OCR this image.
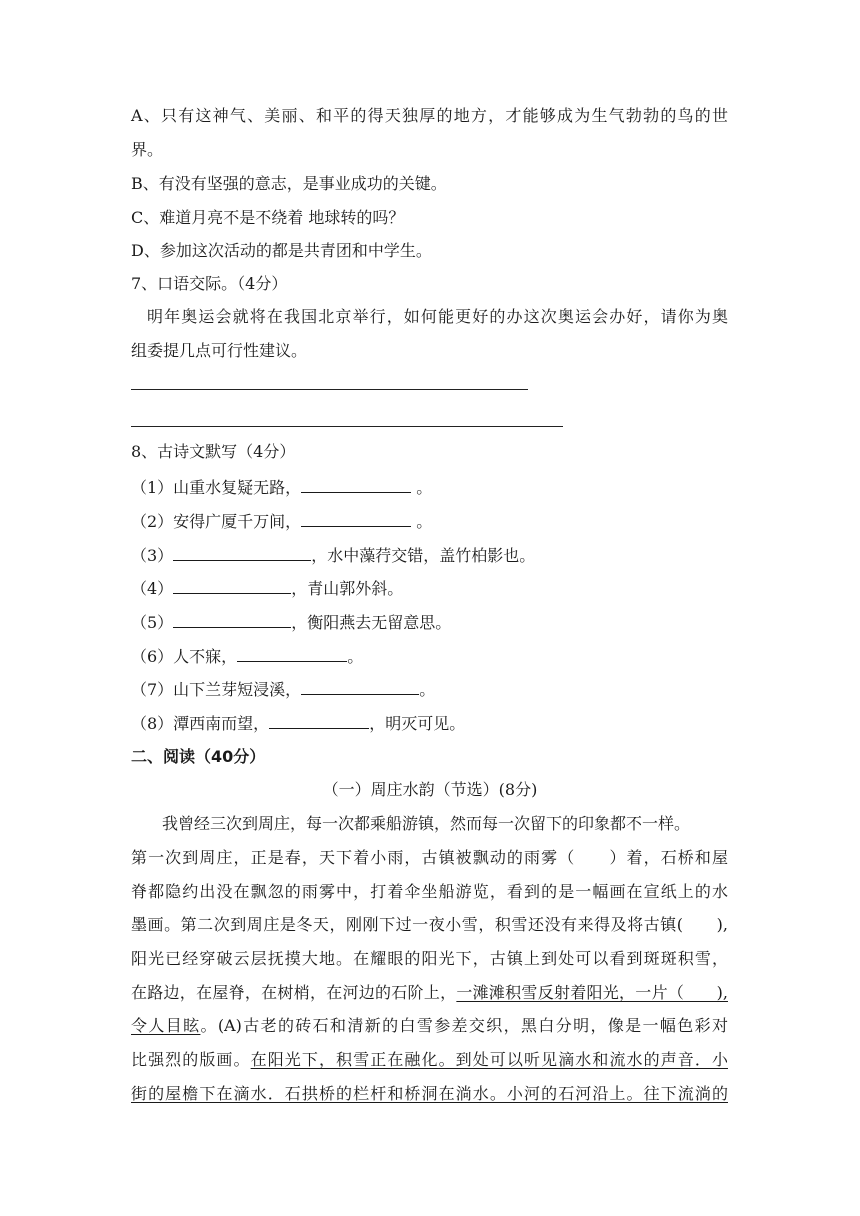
A、只有这神气、美丽、和平的得天独厚的地方，才能够成为生气勃勃的鸟的世
界。
B、有没有坚强的意志，是事业成功的关键。
C、难道月亮不是不绕着 地球转的吗？
D、参加这次活动的都是共青团和中学生。
7、口语交际。（4分）
明年奥运会就将在我国北京举行，如何能更好的办这次奥运会办好，请你为奥
组委提几点可行性建议。
8、古诗文默写（4分）
（1）山重水复疑无路，	。
（2）安得广厦千万间，	。
（3）	，水中藻荇交错，盖竹柏影也。
（4）	，青山郭外斜。
（5）	，衡阳燕去无留意思。
（6）人不寐，	。
（7）山下兰芽短浸溪，	。
（8）潭西南而望，	，明灭可见。
二、阅读（40分）
（一）周庄水韵（节选）(8分)
我曾经三次到周庄，每一次都乘船游镇，然而每一次留下的印象都不一样。
第一次到周庄，正是春，天下着小雨，古镇被飘动的雨雾（　　）着，石桥和屋
脊都隐约出没在飘忽的雨雾中，打着伞坐船游览，看到的是一幅画在宣纸上的水
墨画。第二次到周庄是冬天，刚刚下过一夜小雪，积雪还没有来得及将古镇(　　),
阳光已经穿破云层抚摸大地。在耀眼的阳光下，古镇上到处可以看到斑斑积雪，
在路边，在屋脊，在树梢，在河边的石阶上，一滩滩积雪反射着阳光，一片（　　),
令人目眩。(A)古老的砖石和清新的白雪参差交织，黑白分明，像是一幅色彩对
比强烈的版画。在阳光下，积雪正在融化。到处可以听见滴水和流水的声音．小
街的屋檐下在滴水．石拱桥的栏杆和桥洞在淌水。小河的石河沿上。往下流淌的
